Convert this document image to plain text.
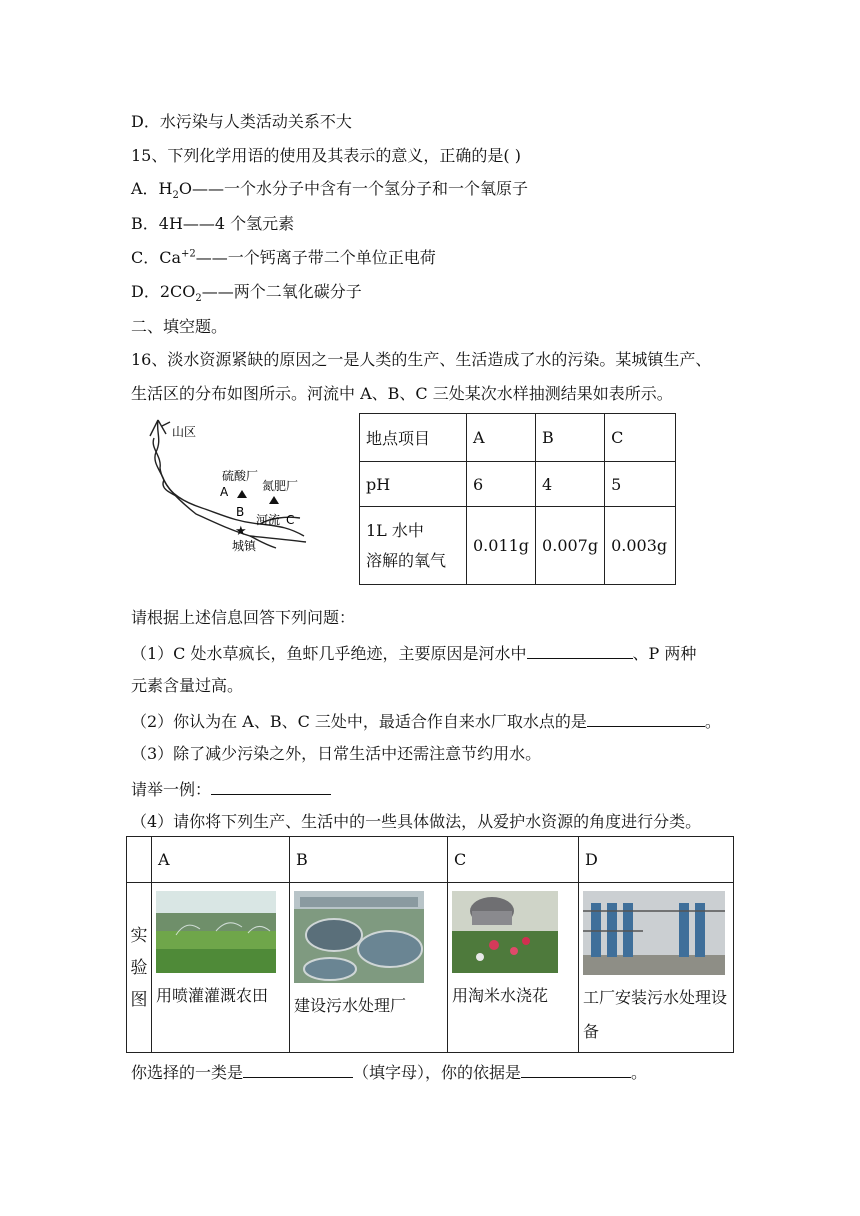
D．水污染与人类活动关系不大
15、下列化学用语的使用及其表示的意义，正确的是( )
A．$H_2O——$一个水分子中含有一个氢分子和一个氧原子
B．4H——4 个氢元素
C．$Ca^{+2}——$一个钙离子带二个单位正电荷
D．$2CO_2——$两个二氧化碳分子
二、填空题。
16、淡水资源紧缺的原因之一是人类的生产、生活造成了水的污染。某城镇生产、
生活区的分布如图所示。河流中 A、B、C 三处某次水样抽测结果如表所示。
山区
硫酸厂
氮肥厂
A
B
河流 C
★
城镇
地点项目	A	B	C
pH	6	4	5
1L 水中
溶解的氧气	0.011g	0.007g	0.003g
请根据上述信息回答下列问题：
（1）C 处水草疯长，鱼虾几乎绝迹，主要原因是河水中	、P 两种
元素含量过高。
（2）你认为在 A、B、C 三处中，最适合作自来水厂取水点的是	。
（3）除了减少污染之外，日常生活中还需注意节约用水。
请举一例：
（4）请你将下列生产、生活中的一些具体做法，从爱护水资源的角度进行分类。
	A	B	C	D
实
验
图	用喷灌灌溉农田	建设污水处理厂	用淘米水浇花	工厂安装污水处理设备
你选择的一类是	（填字母），你的依据是	。
